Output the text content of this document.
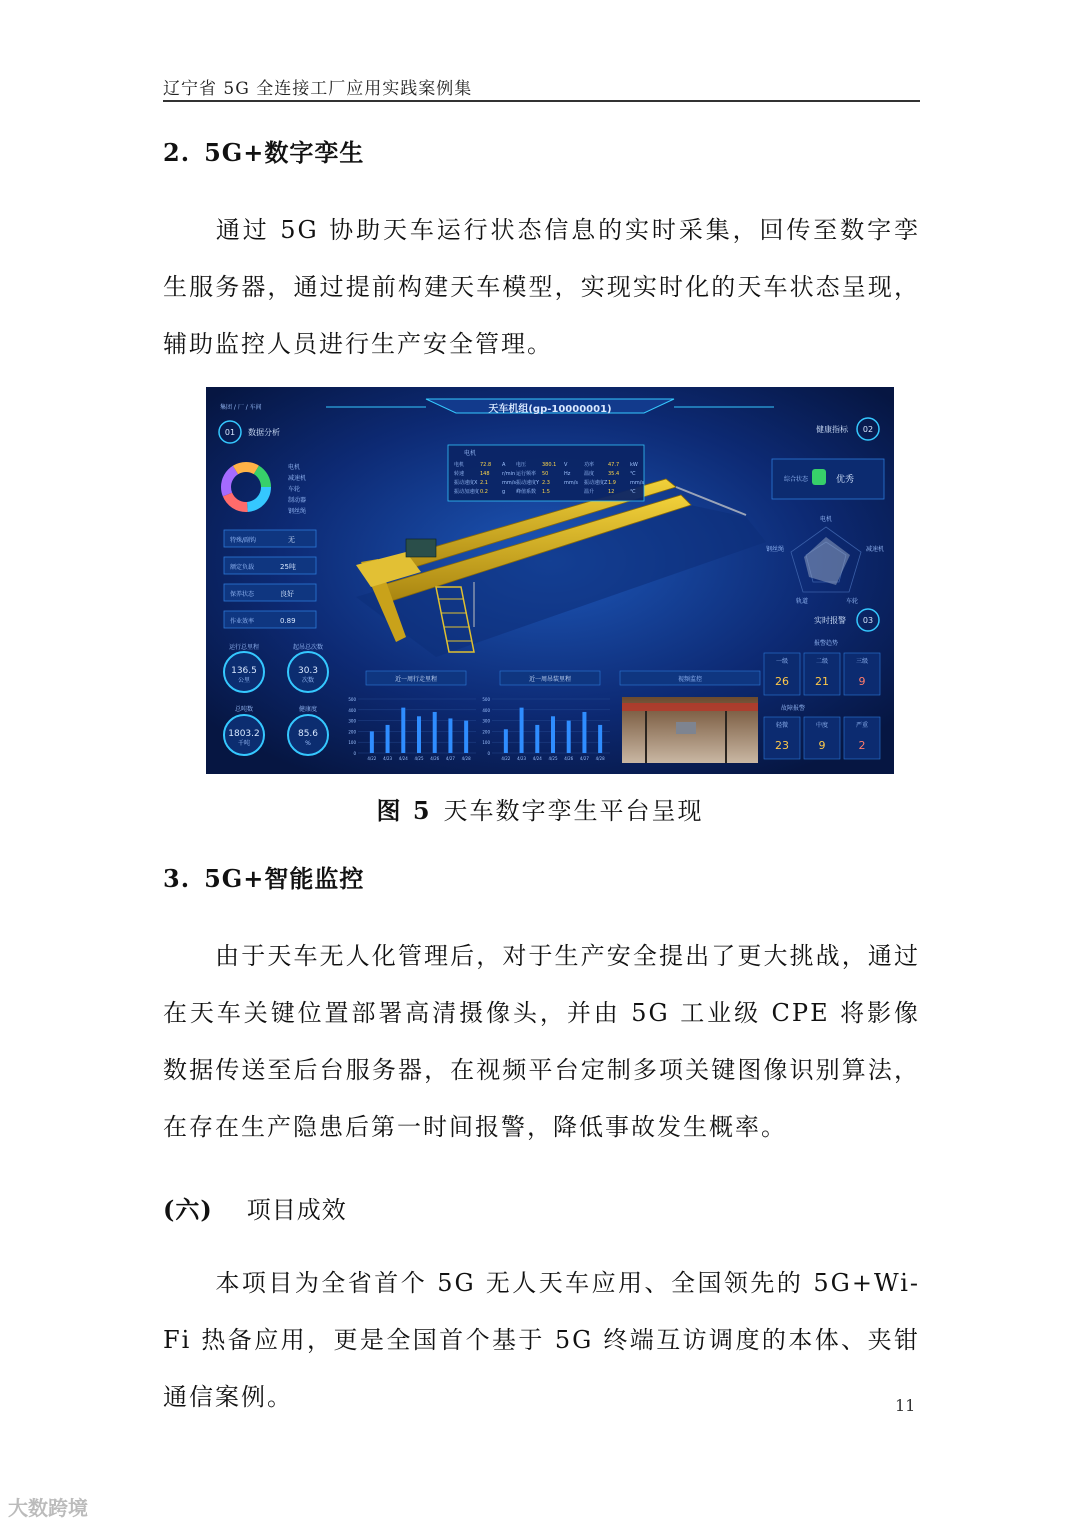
辽宁省 5G 全连接工厂应用实践案例集
2. 5G+数字孪生
通过 5G 协助天车运行状态信息的实时采集，回传至数字孪生服务器，通过提前构建天车模型，实现实时化的天车状态呈现，辅助监控人员进行生产安全管理。
天车机组(gp-10000001)
集团 / 厂 / 车间
01 数据分析
电机
减速机
车轮
制动器
钢丝绳
特殊/副钩	无
额定负载	25吨
保养状态	良好
作业效率	0.89
运行总里程
136.5
公里
起吊总次数
30.3
次数
总吨数
1803.2
千吨
健康度
85.6
%
电机
电机	72.8 A 电压	380.1 V	功率	47.7 kW
转速	148 r/min 运行频率 50	Hz	温度	35.4 ℃
振动速度X 2.1	mm/s 振动速度Y 2.3	mm/s 振动速度Z 1.9	mm/s
振动加速度 0.2	g 峰值系数 1.5	温升	12	℃
健康指标 02
综合状态	优秀
电机
减速机
车轮
轨道
钢丝绳
实时报警 03
报警趋势
一级
26
二级
21
三级
9
故障报警
轻微
23
中度
9
严重
2
近一周行走里程
0
100
200
300
400
500
4/22 4/23 4/24 4/25 4/26 4/27 4/28
近一周吊装里程
0
100
200
300
400
500
4/22 4/23 4/24 4/25 4/26 4/27 4/28
视频监控
图 5 天车数字孪生平台呈现
3. 5G+智能监控
由于天车无人化管理后，对于生产安全提出了更大挑战，通过在天车关键位置部署高清摄像头，并由 5G 工业级 CPE 将影像数据传送至后台服务器，在视频平台定制多项关键图像识别算法，在存在生产隐患后第一时间报警，降低事故发生概率。
(六) 项目成效
本项目为全省首个 5G 无人天车应用、全国领先的 5G+Wi-Fi 热备应用，更是全国首个基于 5G 终端互访调度的本体、夹钳通信案例。	11
大数跨境
